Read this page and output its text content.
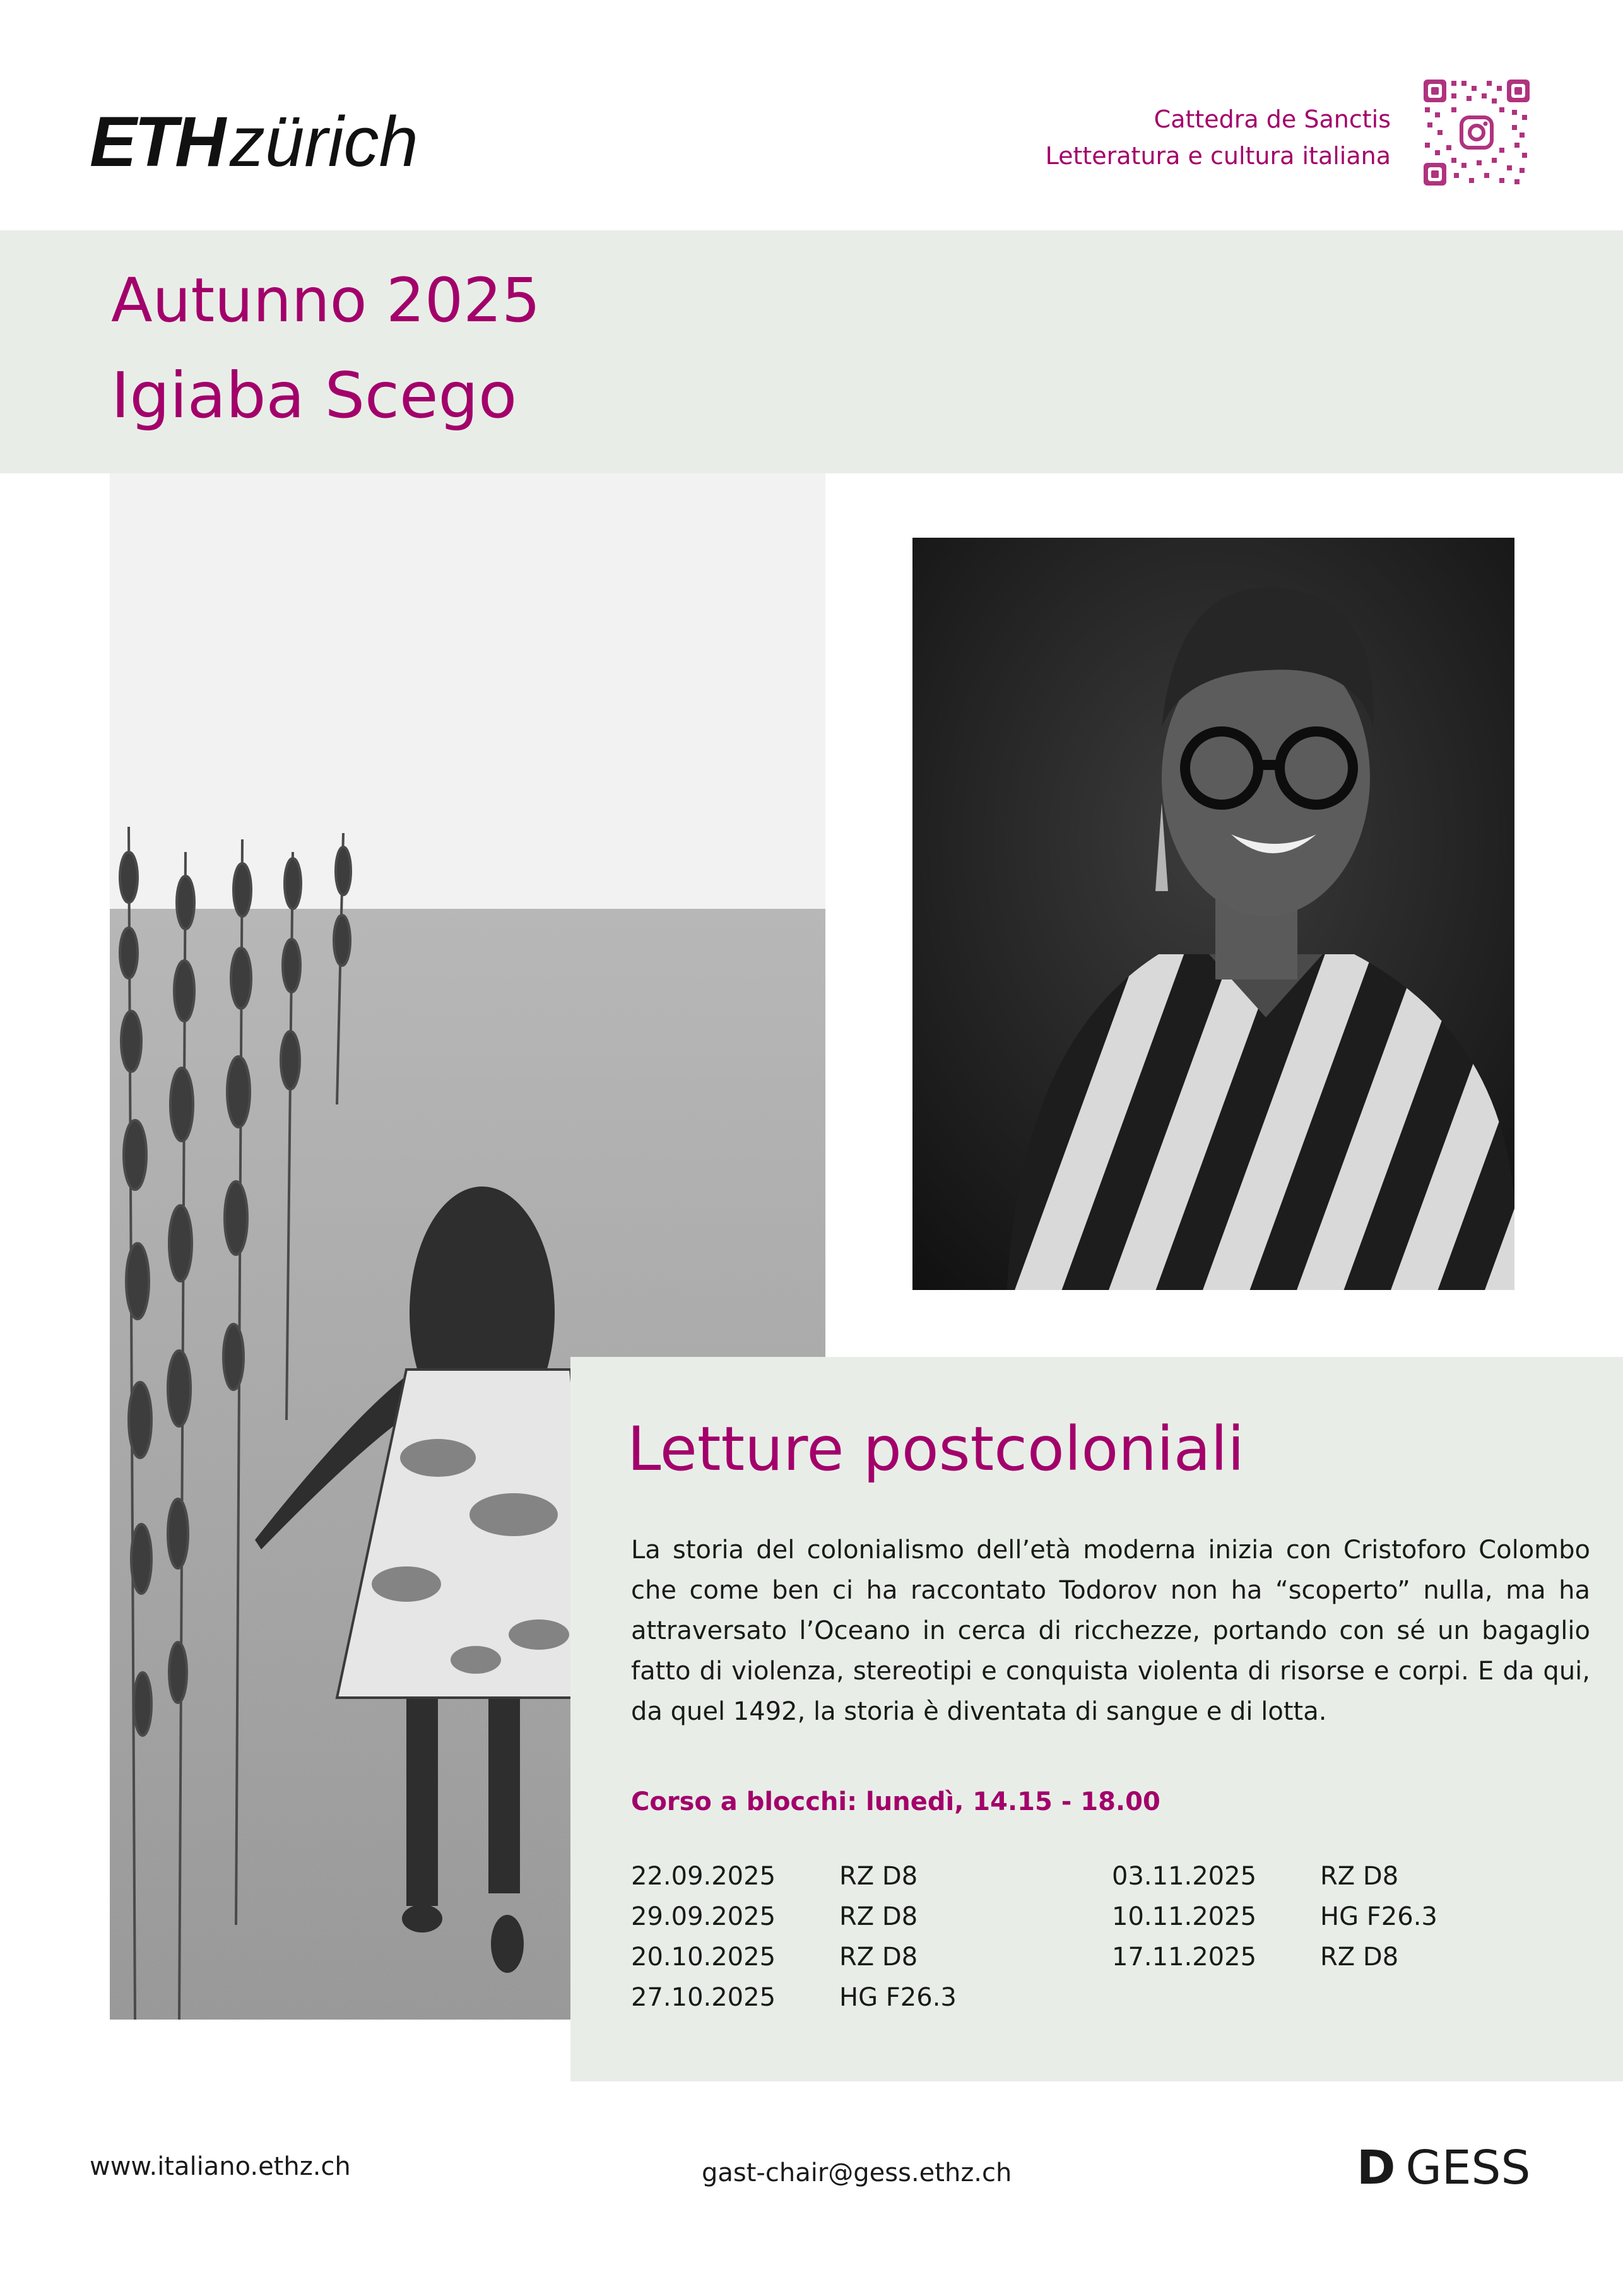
ETH zürich	Cattedra de Sanctis
Letteratura e cultura italiana
Autunno 2025
Igiaba Scego
Letture postcoloniali
La storia del colonialismo dell’età moderna inizia con Cristoforo Colombo che come ben ci ha raccontato Todorov non ha “scoperto” nulla, ma ha attraversato l’Oceano in cerca di ricchezze, portando con sé un bagaglio fatto di violenza, stereotipi e conquista violenta di risorse e corpi. E da qui, da quel 1492, la storia è diventata di sangue e di lotta.
Corso a blocchi: lunedì, 14.15 - 18.00
22.09.2025	RZ D8
29.09.2025	RZ D8
20.10.2025	RZ D8
27.10.2025	HG F26.3
03.11.2025	RZ D8
10.11.2025	HG F26.3
17.11.2025	RZ D8
www.italiano.ethz.ch	gast-chair@gess.ethz.ch	D GESS
